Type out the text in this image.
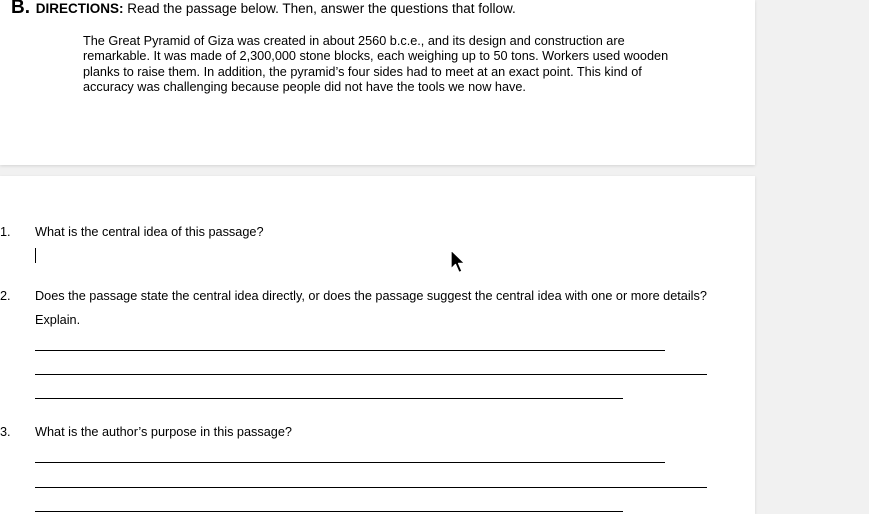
B. DIRECTIONS: Read the passage below. Then, answer the questions that follow.
The Great Pyramid of Giza was created in about 2560 b.c.e., and its design and construction are remarkable. It was made of 2,300,000 stone blocks, each weighing up to 50 tons. Workers used wooden planks to raise them. In addition, the pyramid’s four sides had to meet at an exact point. This kind of accuracy was challenging because people did not have the tools we now have.
1. What is the central idea of this passage?
2. Does the passage state the central idea directly, or does the passage suggest the central idea with one or more details? Explain.
3. What is the author’s purpose in this passage?
